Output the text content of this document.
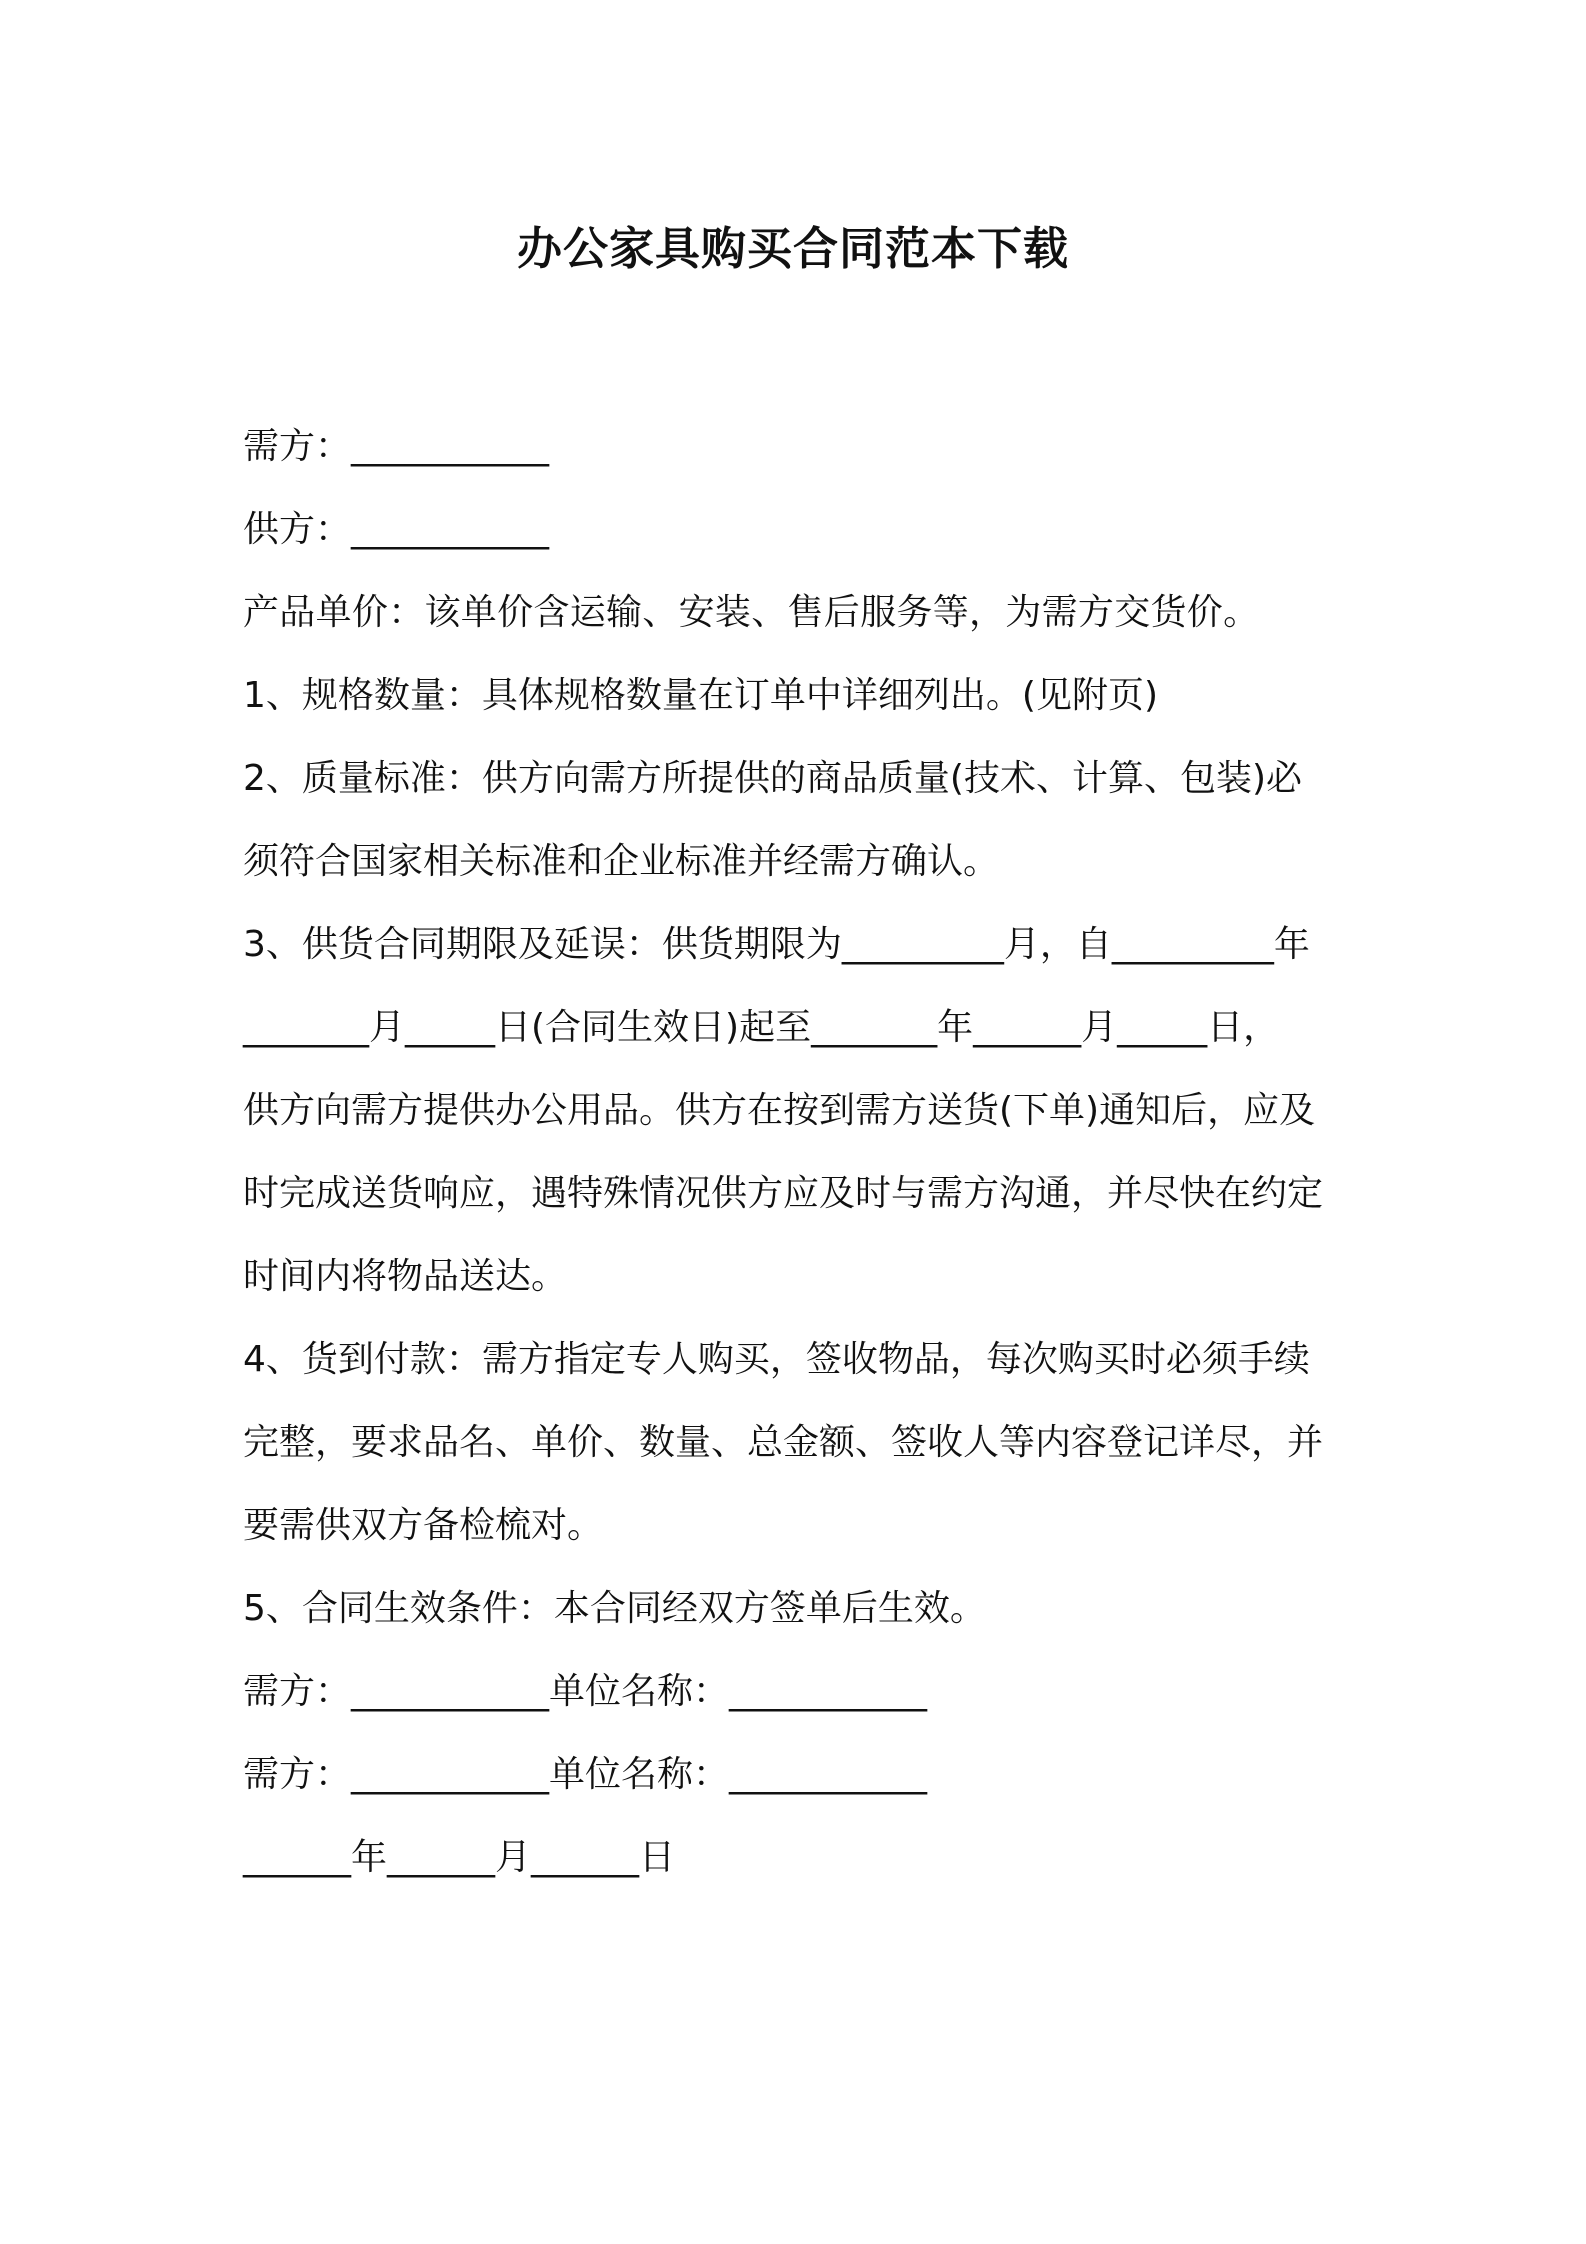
办公家具购买合同范本下载
需方：___________
供方：___________
产品单价：该单价含运输、安装、售后服务等，为需方交货价。
1、规格数量：具体规格数量在订单中详细列出。(见附页)
2、质量标准：供方向需方所提供的商品质量(技术、计算、包装)必
须符合国家相关标准和企业标准并经需方确认。
3、供货合同期限及延误：供货期限为_________月，自_________年
_______月_____日(合同生效日)起至_______年______月_____日，
供方向需方提供办公用品。供方在按到需方送货(下单)通知后，应及
时完成送货响应，遇特殊情况供方应及时与需方沟通，并尽快在约定
时间内将物品送达。
4、货到付款：需方指定专人购买，签收物品，每次购买时必须手续
完整，要求品名、单价、数量、总金额、签收人等内容登记详尽，并
要需供双方备检梳对。
5、合同生效条件：本合同经双方签单后生效。
需方：___________单位名称：___________
需方：___________单位名称：___________
______年______月______日
